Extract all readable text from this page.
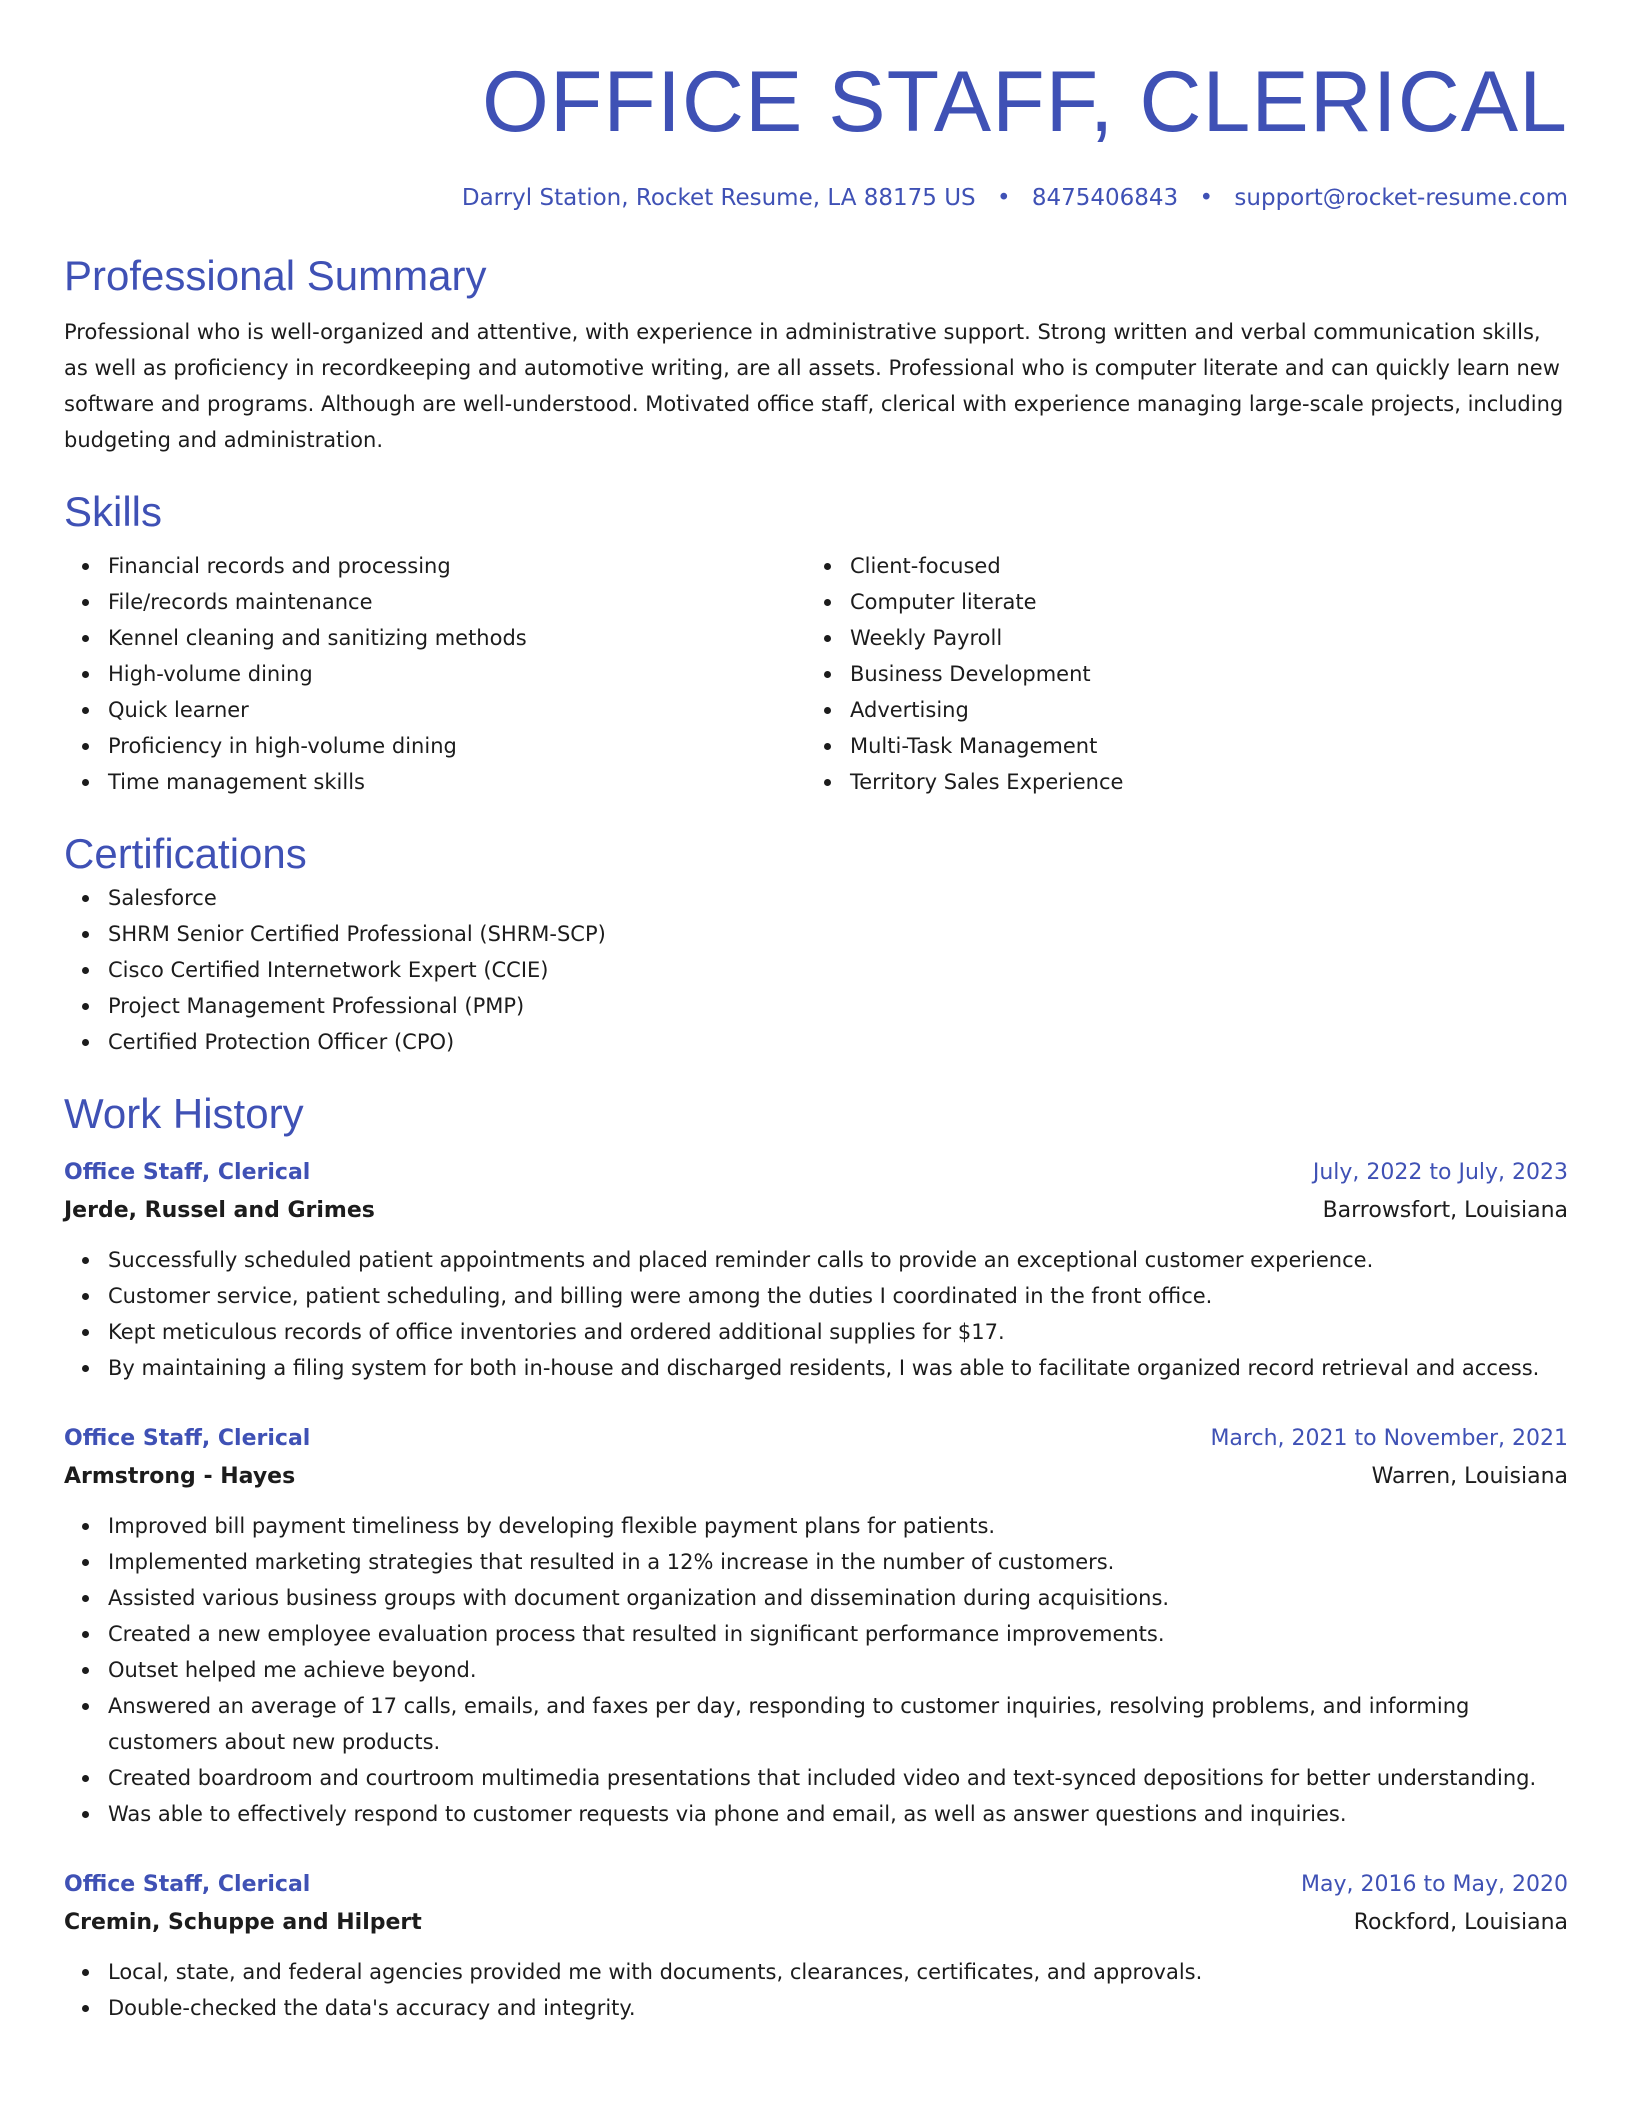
OFFICE STAFF, CLERICAL
Darryl Station, Rocket Resume, LA 88175 US • 8475406843 • support@rocket-resume.com
Professional Summary

Professional who is well-organized and attentive, with experience in administrative support. Strong written and verbal communication skills, as well as proficiency in recordkeeping and automotive writing, are all assets. Professional who is computer literate and can quickly learn new software and programs. Although are well-understood. Motivated office staff, clerical with experience managing large-scale projects, including budgeting and administration.

Skills
Financial records and processing
File/records maintenance
Kennel cleaning and sanitizing methods
High-volume dining
Quick learner
Proficiency in high-volume dining
Time management skills
Client-focused
Computer literate
Weekly Payroll
Business Development
Advertising
Multi-Task Management
Territory Sales Experience
Certifications
Salesforce
SHRM Senior Certified Professional (SHRM-SCP)
Cisco Certified Internetwork Expert (CCIE)
Project Management Professional (PMP)
Certified Protection Officer (CPO)
Work History
Office Staff, Clerical	July, 2022 to July, 2023
Jerde, Russel and Grimes	Barrowsfort, Louisiana
Successfully scheduled patient appointments and placed reminder calls to provide an exceptional customer experience.
Customer service, patient scheduling, and billing were among the duties I coordinated in the front office.
Kept meticulous records of office inventories and ordered additional supplies for $17.
By maintaining a filing system for both in-house and discharged residents, I was able to facilitate organized record retrieval and access.
Office Staff, Clerical	March, 2021 to November, 2021
Armstrong - Hayes	Warren, Louisiana
Improved bill payment timeliness by developing flexible payment plans for patients.
Implemented marketing strategies that resulted in a 12% increase in the number of customers.
Assisted various business groups with document organization and dissemination during acquisitions.
Created a new employee evaluation process that resulted in significant performance improvements.
Outset helped me achieve beyond.
Answered an average of 17 calls, emails, and faxes per day, responding to customer inquiries, resolving problems, and informing customers about new products.
Created boardroom and courtroom multimedia presentations that included video and text-synced depositions for better understanding.
Was able to effectively respond to customer requests via phone and email, as well as answer questions and inquiries.
Office Staff, Clerical	May, 2016 to May, 2020
Cremin, Schuppe and Hilpert	Rockford, Louisiana
Local, state, and federal agencies provided me with documents, clearances, certificates, and approvals.
Double-checked the data's accuracy and integrity.
